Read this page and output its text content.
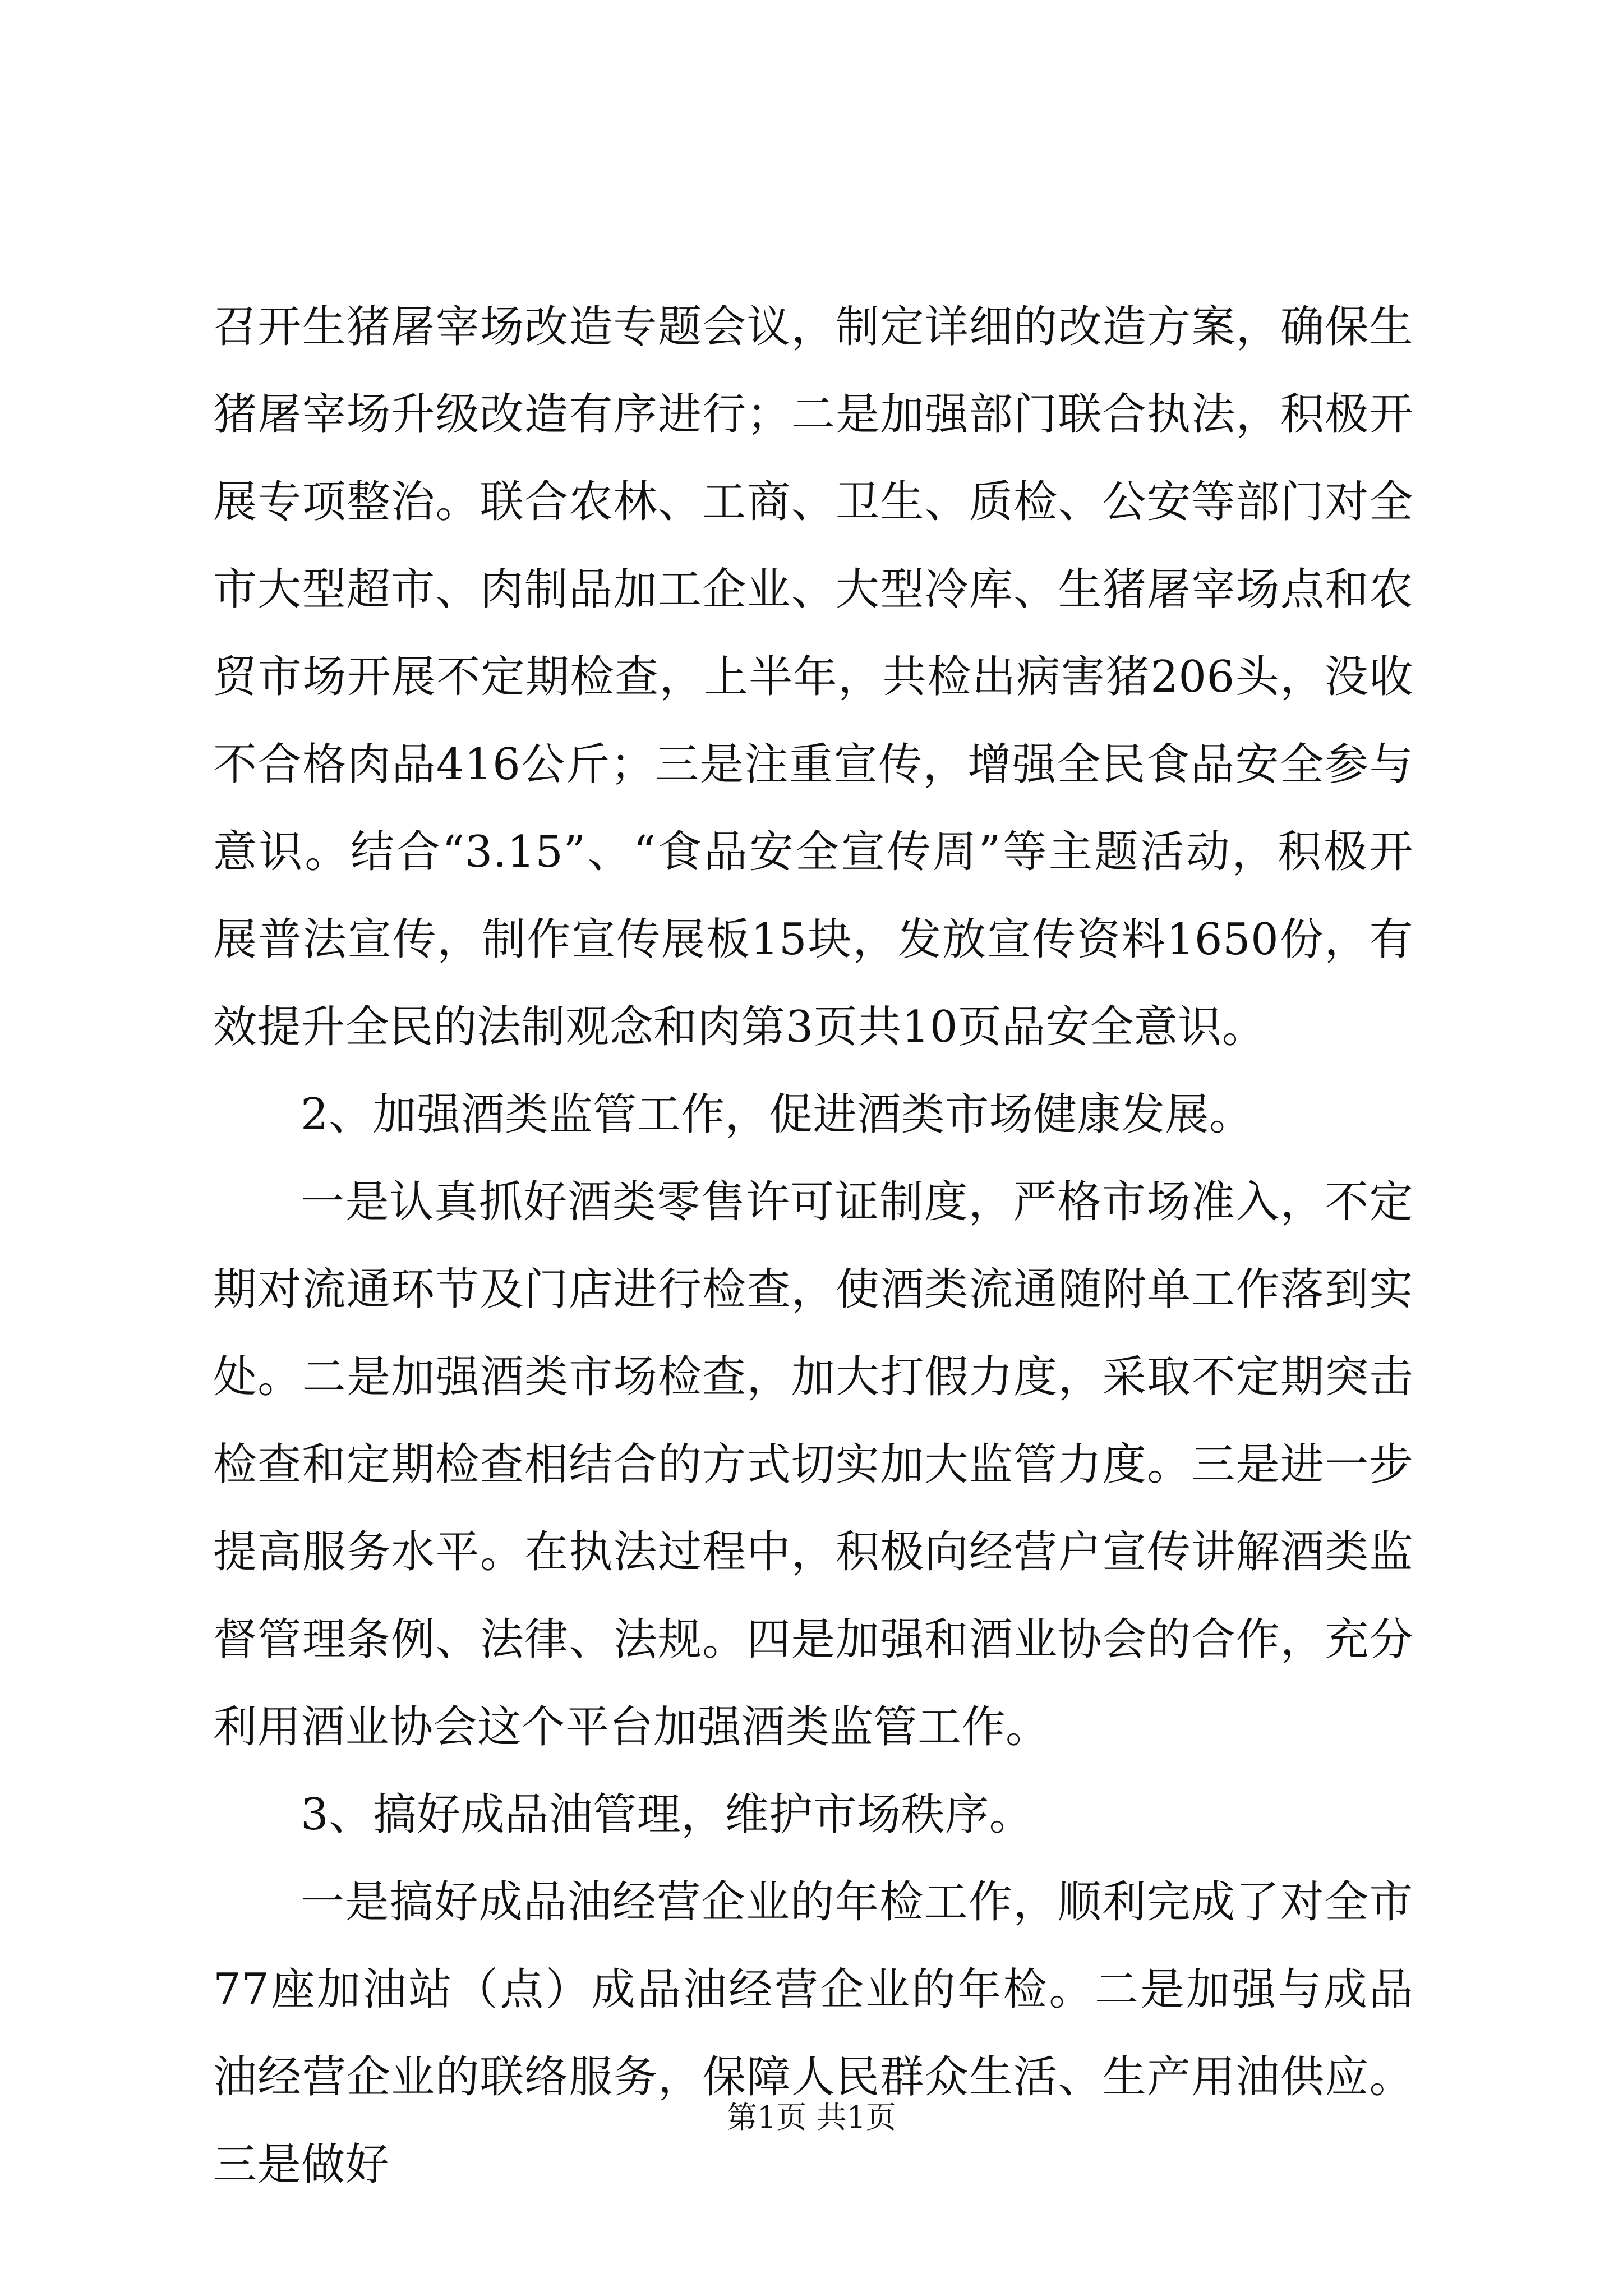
召开生猪屠宰场改造专题会议，制定详细的改造方案，确保生猪屠宰场升级改造有序进行；二是加强部门联合执法，积极开展专项整治。联合农林、工商、卫生、质检、公安等部门对全市大型超市、肉制品加工企业、大型冷库、生猪屠宰场点和农贸市场开展不定期检查，上半年，共检出病害猪206头，没收不合格肉品416公斤；三是注重宣传，增强全民食品安全参与意识。结合“3.15”、“食品安全宣传周”等主题活动，积极开展普法宣传，制作宣传展板15块，发放宣传资料1650份，有效提升全民的法制观念和肉第3页共10页品安全意识。

2、加强酒类监管工作，促进酒类市场健康发展。

一是认真抓好酒类零售许可证制度，严格市场准入，不定期对流通环节及门店进行检查，使酒类流通随附单工作落到实处。二是加强酒类市场检查，加大打假力度，采取不定期突击检查和定期检查相结合的方式切实加大监管力度。三是进一步提高服务水平。在执法过程中，积极向经营户宣传讲解酒类监督管理条例、法律、法规。四是加强和酒业协会的合作，充分利用酒业协会这个平台加强酒类监管工作。

3、搞好成品油管理，维护市场秩序。

一是搞好成品油经营企业的年检工作，顺利完成了对全市77座加油站（点）成品油经营企业的年检。二是加强与成品油经营企业的联络服务，保障人民群众生活、生产用油供应。三是做好

第1页 共1页
